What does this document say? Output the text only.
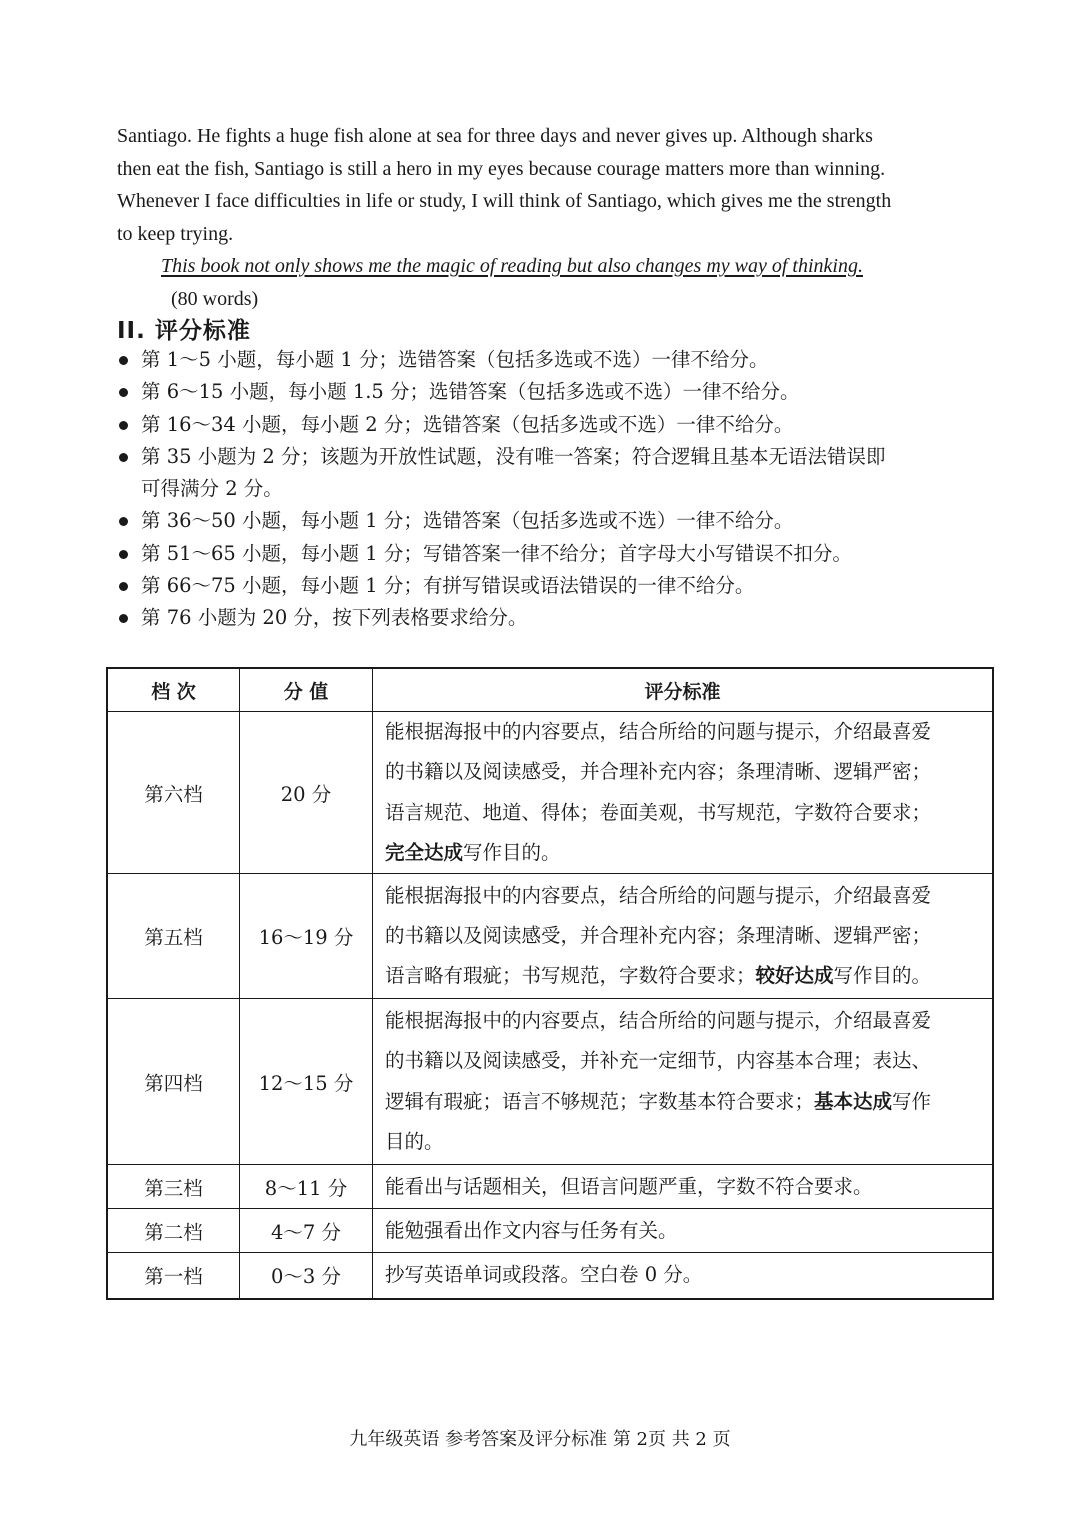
Santiago. He fights a huge fish alone at sea for three days and never gives up. Although sharks
then eat the fish, Santiago is still a hero in my eyes because courage matters more than winning.
Whenever I face difficulties in life or study, I will think of Santiago, which gives me the strength
to keep trying.

This book not only shows me the magic of reading but also changes my way of thinking.
(80 words)
II. 评分标准
第 1～5 小题，每小题 1 分；选错答案（包括多选或不选）一律不给分。
第 6～15 小题，每小题 1.5 分；选错答案（包括多选或不选）一律不给分。
第 16～34 小题，每小题 2 分；选错答案（包括多选或不选）一律不给分。
第 35 小题为 2 分；该题为开放性试题，没有唯一答案；符合逻辑且基本无语法错误即
可得满分 2 分。
第 36～50 小题，每小题 1 分；选错答案（包括多选或不选）一律不给分。
第 51～65 小题，每小题 1 分；写错答案一律不给分；首字母大小写错误不扣分。
第 66～75 小题，每小题 1 分；有拼写错误或语法错误的一律不给分。
第 76 小题为 20 分，按下列表格要求给分。
档 次	分 值	评分标准
第六档	20 分	能根据海报中的内容要点，结合所给的问题与提示，介绍最喜爱
的书籍以及阅读感受，并合理补充内容；条理清晰、逻辑严密；
语言规范、地道、得体；卷面美观，书写规范，字数符合要求；
完全达成写作目的。

第五档	16～19 分	能根据海报中的内容要点，结合所给的问题与提示，介绍最喜爱
的书籍以及阅读感受，并合理补充内容；条理清晰、逻辑严密；
语言略有瑕疵；书写规范，字数符合要求；较好达成写作目的。

第四档	12～15 分	能根据海报中的内容要点，结合所给的问题与提示，介绍最喜爱
的书籍以及阅读感受，并补充一定细节，内容基本合理；表达、
逻辑有瑕疵；语言不够规范；字数基本符合要求；基本达成写作
目的。

第三档	8～11 分	能看出与话题相关，但语言问题严重，字数不符合要求。
第二档	4～7 分	能勉强看出作文内容与任务有关。
第一档	0～3 分	抄写英语单词或段落。空白卷 0 分。
九年级英语 参考答案及评分标准 第 2页 共 2 页
